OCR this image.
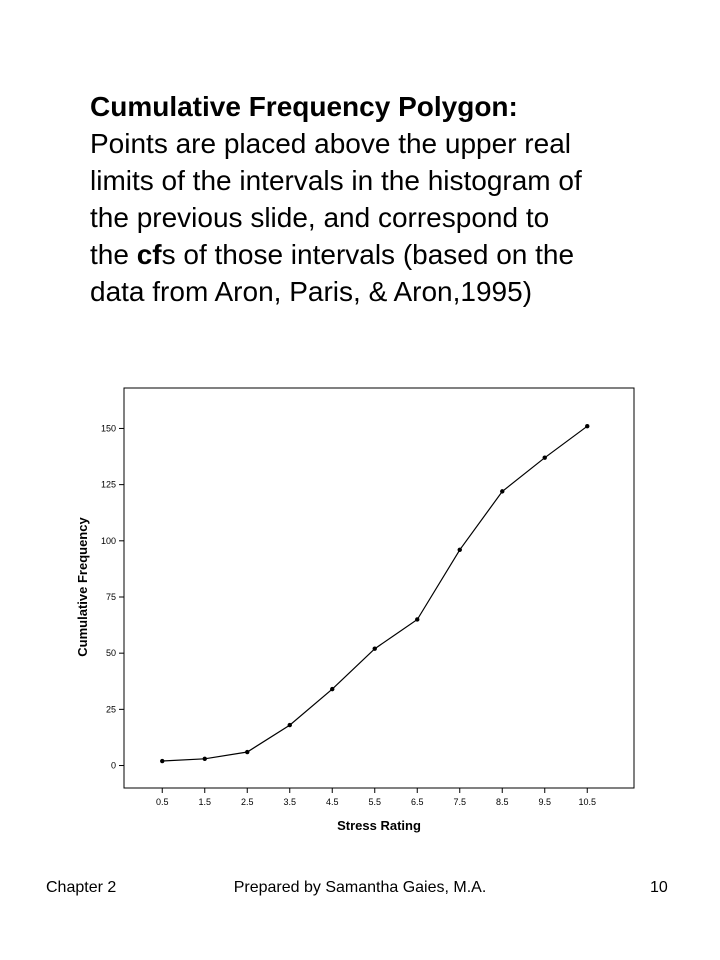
Cumulative Frequency Polygon:

Points are placed above the upper real

limits of the intervals in the histogram of

the previous slide, and correspond to

the cfs of those intervals (based on the

data from Aron, Paris, & Aron,1995)

0
25
50
75
100
125
150
0.5	1.5	2.5	3.5	4.5	5.5	6.5	7.5	8.5	9.5	10.5
Cumulative Frequency
Stress Rating
Chapter 2	Prepared by Samantha Gaies, M.A.	10
